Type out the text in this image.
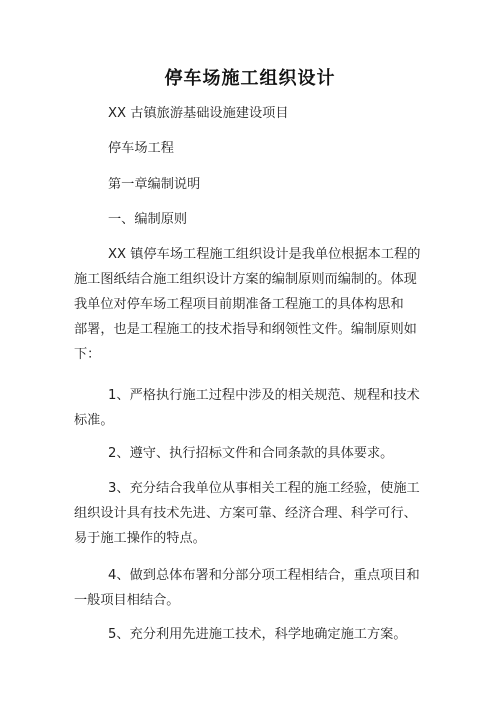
停车场施工组织设计
XX 古镇旅游基础设施建设项目
停车场工程
第一章编制说明
一、编制原则
XX 镇停车场工程施工组织设计是我单位根据本工程的
施工图纸结合施工组织设计方案的编制原则而编制的。体现
我单位对停车场工程项目前期准备工程施工的具体构思和
部署，也是工程施工的技术指导和纲领性文件。编制原则如
下：
1、严格执行施工过程中涉及的相关规范、规程和技术
标准。
2、遵守、执行招标文件和合同条款的具体要求。
3、充分结合我单位从事相关工程的施工经验，使施工
组织设计具有技术先进、方案可靠、经济合理、科学可行、
易于施工操作的特点。
4、做到总体布署和分部分项工程相结合，重点项目和
一般项目相结合。
5、充分利用先进施工技术，科学地确定施工方案。
